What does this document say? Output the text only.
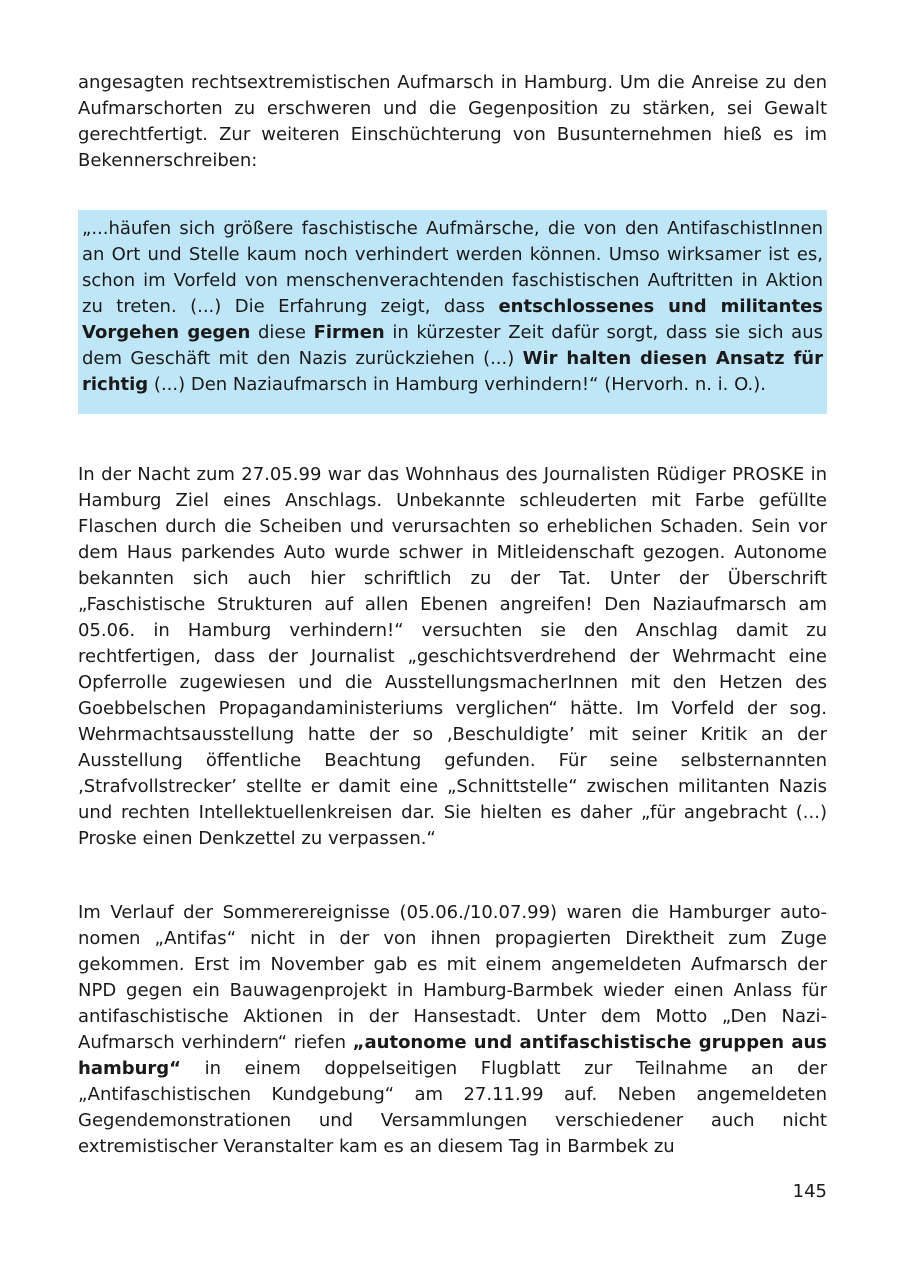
angesagten rechtsextremistischen Aufmarsch in Hamburg. Um die Anreise zu den Aufmarschorten zu erschweren und die Gegenposition zu stärken, sei Gewalt gerechtfertigt. Zur weiteren Einschüchterung von Busunternehmen hieß es im Bekennerschreiben:

„...häufen sich größere faschistische Aufmärsche, die von den AntifaschistInnen an Ort und Stelle kaum noch verhindert werden können. Umso wirksamer ist es, schon im Vorfeld von menschenverachtenden faschistischen Auftritten in Aktion zu treten. (...) Die Erfahrung zeigt, dass entschlossenes und militantes Vorgehen gegen diese Firmen in kürzester Zeit dafür sorgt, dass sie sich aus dem Geschäft mit den Nazis zurückziehen (...) Wir halten diesen Ansatz für richtig (...) Den Naziaufmarsch in Hamburg verhindern!“ (Hervorh. n. i. O.).

In der Nacht zum 27.05.99 war das Wohnhaus des Journalisten Rüdiger PROSKE in Hamburg Ziel eines Anschlags. Unbekannte schleuderten mit Farbe gefüllte Flaschen durch die Scheiben und verursachten so erheblichen Schaden. Sein vor dem Haus parkendes Auto wurde schwer in Mitleidenschaft gezogen. Autonome bekannten sich auch hier schriftlich zu der Tat. Unter der Überschrift „Faschistische Strukturen auf allen Ebenen angreifen! Den Naziaufmarsch am 05.06. in Hamburg verhindern!“ versuchten sie den Anschlag damit zu rechtfertigen, dass der Journalist „geschichtsverdrehend der Wehrmacht eine Opferrolle zugewiesen und die AusstellungsmacherInnen mit den Hetzen des Goebbelschen Propagandaministeriums verglichen“ hätte. Im Vorfeld der sog. Wehrmachtsausstellung hatte der so ‚Beschuldigte’ mit seiner Kritik an der Ausstellung öffentliche Beachtung gefunden. Für seine selbsternannten ‚Strafvollstrecker’ stellte er damit eine „Schnittstelle“ zwischen militanten Nazis und rechten Intellektuellenkreisen dar. Sie hielten es daher „für angebracht (...) Proske einen Denkzettel zu verpassen.“

Im Verlauf der Sommerereignisse (05.06./10.07.99) waren die Hamburger autonomen „Antifas“ nicht in der von ihnen propagierten Direktheit zum Zuge gekommen. Erst im November gab es mit einem angemeldeten Aufmarsch der NPD gegen ein Bauwagenprojekt in Hamburg-Barmbek wieder einen Anlass für antifaschistische Aktionen in der Hansestadt. Unter dem Motto „Den Nazi-Aufmarsch verhindern“ riefen „autonome und antifaschistische gruppen aus hamburg“ in einem doppelseitigen Flugblatt zur Teilnahme an der „Antifaschistischen Kundgebung“ am 27.11.99 auf. Neben angemeldeten Gegendemonstrationen und Versammlungen verschiedener auch nicht extremistischer Veranstalter kam es an diesem Tag in Barmbek zu

145
